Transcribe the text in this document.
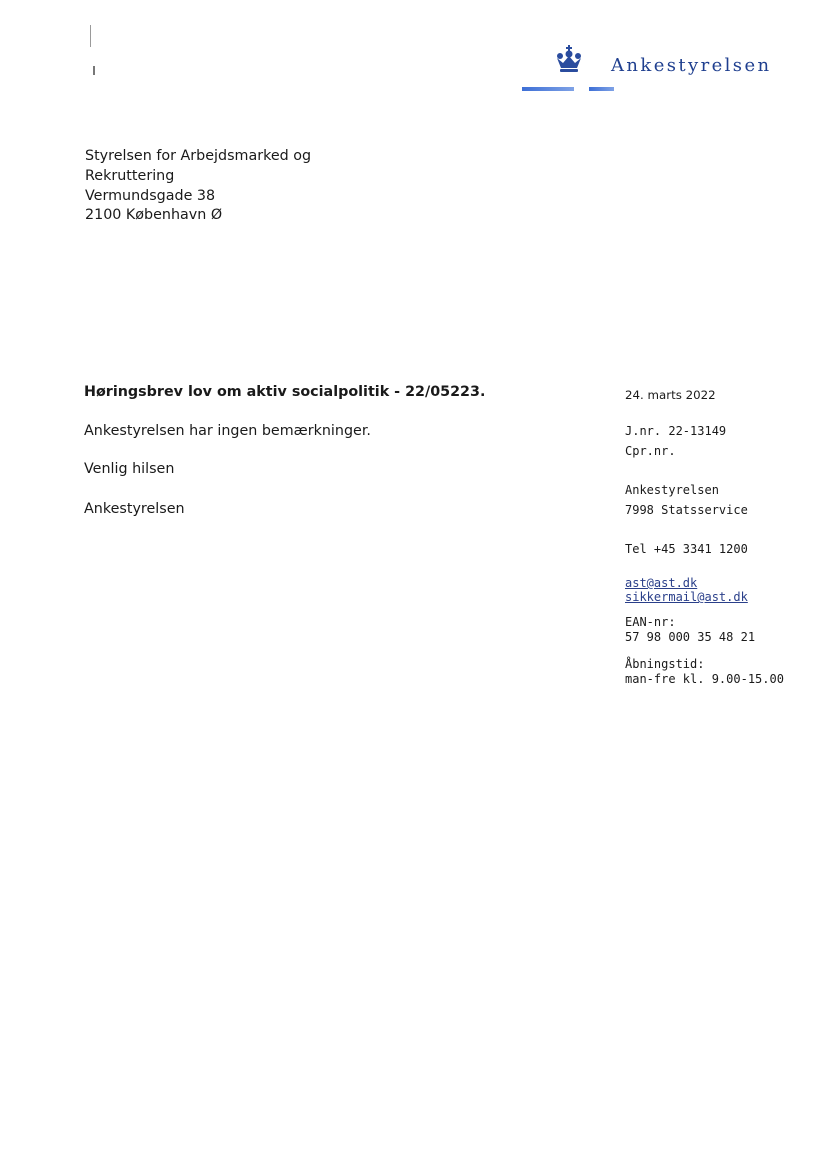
Ankestyrelsen
Styrelsen for Arbejdsmarked og
Rekruttering
Vermundsgade 38
2100 København Ø
Høringsbrev lov om aktiv socialpolitik - 22/05223.
Ankestyrelsen har ingen bemærkninger.
Venlig hilsen
Ankestyrelsen
24. marts 2022
J.nr. 22-13149
Cpr.nr.
Ankestyrelsen
7998 Statsservice
Tel +45 3341 1200
ast@ast.dk
sikkermail@ast.dk
EAN-nr:
57 98 000 35 48 21
Åbningstid:
man-fre kl. 9.00-15.00
